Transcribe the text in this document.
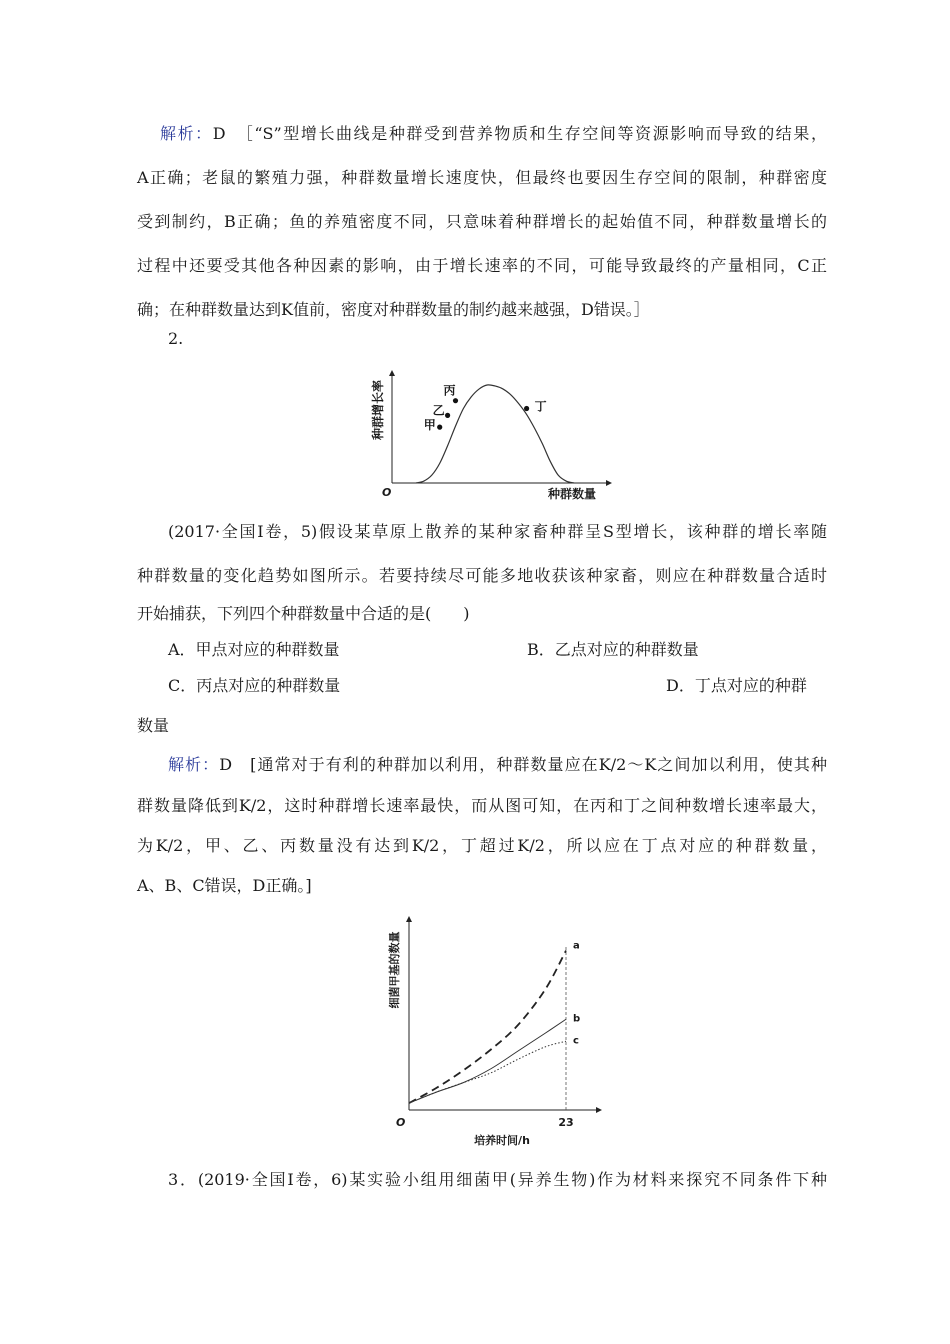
解析：D　［“S”型增长曲线是种群受到营养物质和生存空间等资源影响而导致的结果，
A正确；老鼠的繁殖力强，种群数量增长速度快，但最终也要因生存空间的限制，种群密度
受到制约，B正确；鱼的养殖密度不同，只意味着种群增长的起始值不同，种群数量增长的
过程中还要受其他各种因素的影响，由于增长速率的不同，可能导致最终的产量相同，C正
确；在种群数量达到K值前，密度对种群数量的制约越来越强，D错误。］
2.
O	种群数量
种群增长率	甲
乙
丙
丁
(2017·全国Ⅰ卷，5)假设某草原上散养的某种家畜种群呈S型增长，该种群的增长率随
种群数量的变化趋势如图所示。若要持续尽可能多地收获该种家畜，则应在种群数量合适时
开始捕获，下列四个种群数量中合适的是(　　)
A．甲点对应的种群数量	B．乙点对应的种群数量
C．丙点对应的种群数量	D．丁点对应的种群
数量
解析：D　[通常对于有利的种群加以利用，种群数量应在K/2～K之间加以利用，使其种
群数量降低到K/2，这时种群增长速率最快，而从图可知，在丙和丁之间种数增长速率最大，
为K/2，甲、乙、丙数量没有达到K/2，丁超过K/2，所以应在丁点对应的种群数量，
A、B、C错误，D正确。]
O	23
培养时间/h
细菌甲基的数量	a
b
c
3．(2019·全国Ⅰ卷，6)某实验小组用细菌甲(异养生物)作为材料来探究不同条件下种
